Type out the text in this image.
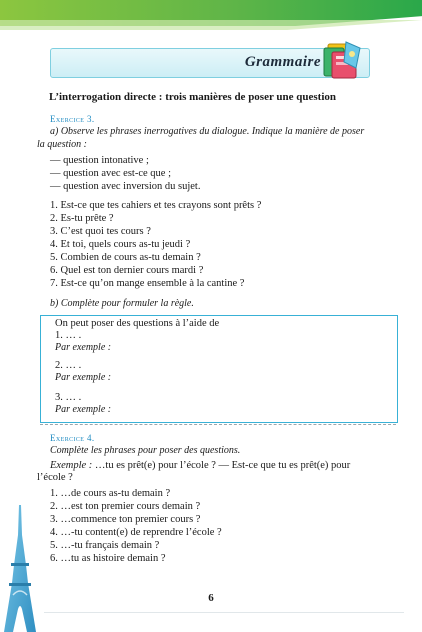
Grammaire
L’interrogation directe : trois manières de poser une question
Exercice 3.
a) Observe les phrases inerrogatives du dialogue. Indique la manière de poser
la question :
— question intonative ;
— question avec est-ce que ;
— question avec inversion du sujet.
1. Est-ce que tes cahiers et tes crayons sont prêts ?
2. Es-tu prête ?
3. C’est quoi tes cours ?
4. Et toi, quels cours as-tu jeudi ?
5. Combien de cours as-tu demain ?
6. Quel est ton dernier cours mardi ?
7. Est-ce qu’on mange ensemble à la cantine ?
b) Complète pour formuler la règle.
On peut poser des questions à l’aide de
1. … .
Par exemple :
2. … .
Par exemple :
3. … .
Par exemple :
Exercice 4.
Complète les phrases pour poser des questions.
Exemple : …tu es prêt(e) pour l’école ? — Est-ce que tu es prêt(e) pour
l’école ?
1. …de cours as-tu demain ?
2. …est ton premier cours demain ?
3. …commence ton premier cours ?
4. …-tu content(e) de reprendre l’école ?
5. …-tu français demain ?
6. …tu as histoire demain ?
6
